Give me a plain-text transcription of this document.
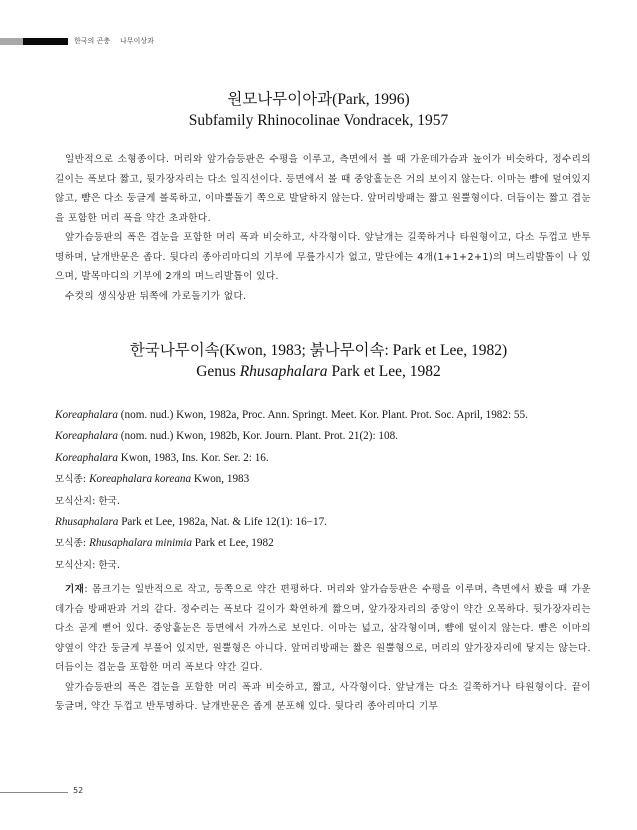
한국의 곤충 나무이상과
원모나무이아과(Park, 1996)
Subfamily Rhinocolinae Vondracek, 1957

일반적으로 소형종이다. 머리와 앞가슴등판은 수평을 이루고, 측면에서 볼 때 가운데가슴과 높이가 비슷하다, 정수리의 길이는 폭보다 짧고, 뒷가장자리는 다소 일직선이다. 등면에서 볼 때 중앙홀눈은 거의 보이지 않는다. 이마는 뺨에 덮여있지 않고, 뺨은 다소 둥글게 볼록하고, 이마뿔돌기 쪽으로 발달하지 않는다. 앞머리방패는 짧고 원뿔형이다. 더듬이는 짧고 겹눈을 포함한 머리 폭을 약간 초과한다.

앞가슴등판의 폭은 겹눈을 포함한 머리 폭과 비슷하고, 사각형이다. 앞날개는 길쭉하거나 타원형이고, 다소 두껍고 반투명하며, 날개반문은 좁다. 뒷다리 종아리마디의 기부에 무릎가시가 없고, 말단에는 4개(1+1+2+1)의 며느리발톱이 나 있으며, 발목마디의 기부에 2개의 며느리발톱이 있다.

수컷의 생식상판 뒤쪽에 가로돌기가 없다.

한국나무이속(Kwon, 1983; 붉나무이속: Park et Lee, 1982)
Genus Rhusaphalara Park et Lee, 1982
Koreaphalara (nom. nud.) Kwon, 1982a, Proc. Ann. Springt. Meet. Kor. Plant. Prot. Soc. April, 1982: 55.
Koreaphalara (nom. nud.) Kwon, 1982b, Kor. Journ. Plant. Prot. 21(2): 108.
Koreaphalara Kwon, 1983, Ins. Kor. Ser. 2: 16.
모식종: Koreaphalara koreana Kwon, 1983
모식산지: 한국.
Rhusaphalara Park et Lee, 1982a, Nat. & Life 12(1): 16−17.
모식종: Rhusaphalara minimia Park et Lee, 1982
모식산지: 한국.

기재: 몸크기는 일반적으로 작고, 등쪽으로 약간 편평하다. 머리와 앞가슴등판은 수평을 이루며, 측면에서 봤을 때 가운데가슴 방패판과 거의 같다. 정수리는 폭보다 길이가 확연하게 짧으며, 앞가장자리의 중앙이 약간 오목하다. 뒷가장자리는 다소 곧게 뻗어 있다. 중앙홑눈은 등면에서 가까스로 보인다. 이마는 넓고, 삼각형이며, 뺨에 덮이지 않는다. 뺨은 이마의 양옆이 약간 둥글게 부풀어 있지만, 원뿔형은 아니다. 앞머리방패는 짧은 원뿔형으로, 머리의 앞가장자리에 닿지는 않는다. 더듬이는 겹눈을 포함한 머리 폭보다 약간 길다.

앞가슴등판의 폭은 겹눈을 포함한 머리 폭과 비슷하고, 짧고, 사각형이다. 앞날개는 다소 길쭉하거나 타원형이다. 끝이 둥글며, 약간 두껍고 반투명하다. 날개반문은 좁게 분포해 있다. 뒷다리 종아리마디 기부

52
